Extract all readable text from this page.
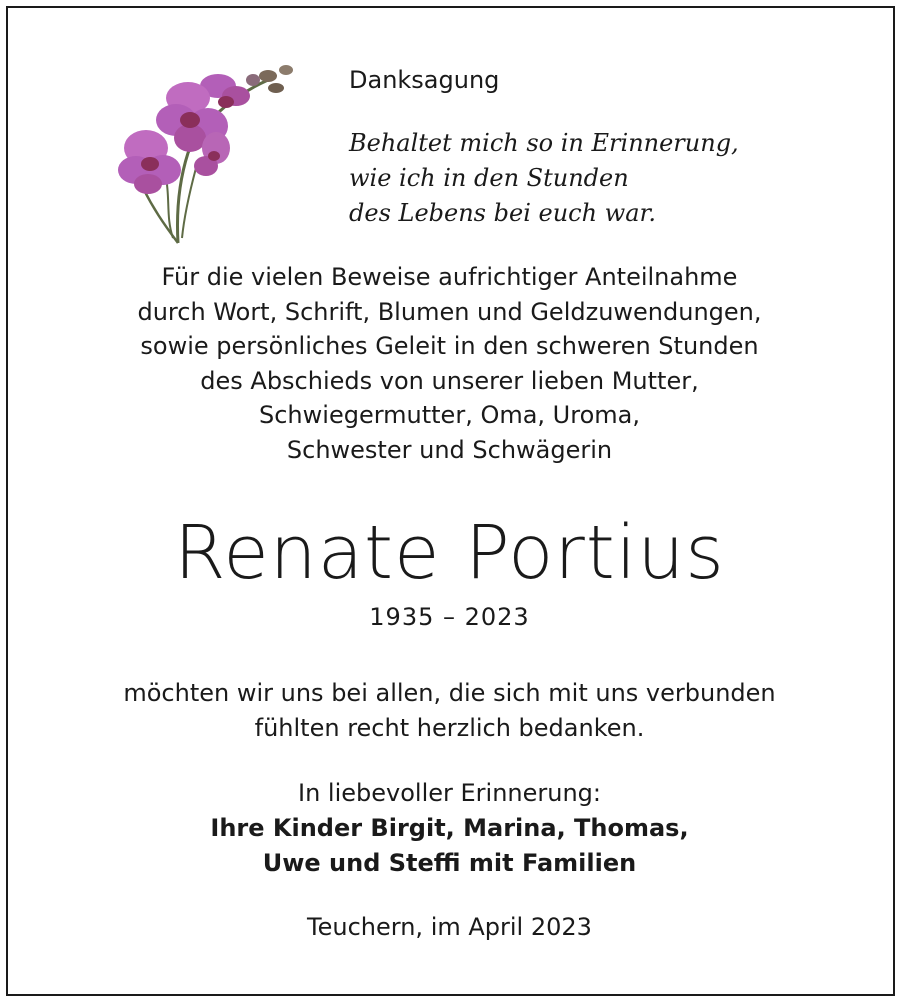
Danksagung
Behaltet mich so in Erinnerung,
wie ich in den Stunden
des Lebens bei euch war.
Für die vielen Beweise aufrichtiger Anteilnahme
durch Wort, Schrift, Blumen und Geldzuwendungen,
sowie persönliches Geleit in den schweren Stunden
des Abschieds von unserer lieben Mutter,
Schwiegermutter, Oma, Uroma,
Schwester und Schwägerin
Renate Portius
1935 – 2023
möchten wir uns bei allen, die sich mit uns verbunden
fühlten recht herzlich bedanken.
In liebevoller Erinnerung:
Ihre Kinder Birgit, Marina, Thomas,
Uwe und Steffi mit Familien
Teuchern, im April 2023
